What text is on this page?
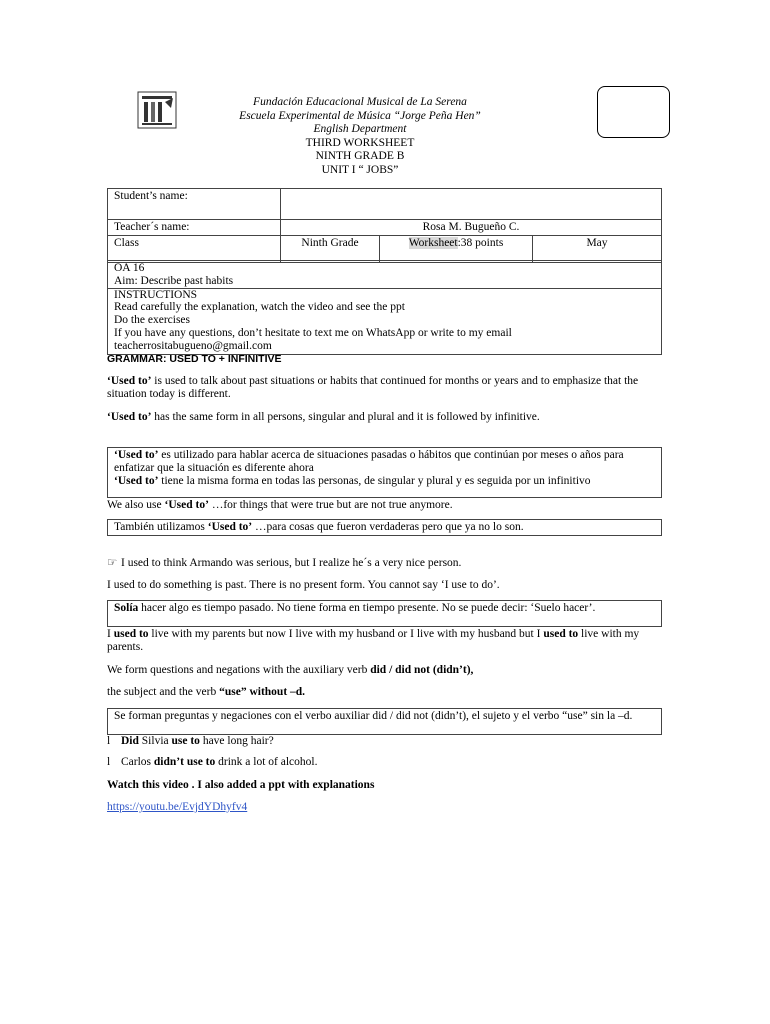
Fundación Educacional Musical de La Serena
Escuela Experimental de Música “Jorge Peña Hen”
English Department
THIRD WORKSHEET
NINTH GRADE B
UNIT I “ JOBS”
Student’s name:			
Teacher´s name:	Rosa M. Bugueño C.		
Class	Ninth Grade	Worksheet:38 points	May
OA 16
Aim: Describe past habits
INSTRUCTIONS
Read carefully the explanation, watch the video and see the ppt
Do the exercises
If you have any questions, don’t hesitate to text me on WhatsApp or write to my email
teacherrositabugueno@gmail.com
GRAMMAR: USED TO + INFINITIVE
‘Used to’ is used to talk about past situations or habits that continued for months or years and to emphasize that the situation today is different.
‘Used to’ has the same form in all persons, singular and plural and it is followed by infinitive.
‘Used to’ es utilizado para hablar acerca de situaciones pasadas o hábitos que continúan por meses o años para enfatizar que la situación es diferente ahora
‘Used to’ tiene la misma forma en todas las personas, de singular y plural y es seguida por un infinitivo
We also use ‘Used to’ …for things that were true but are not true anymore.
También utilizamos ‘Used to’ …para cosas que fueron verdaderas pero que ya no lo son.
☞ I used to think Armando was serious, but I realize he´s a very nice person.
I used to do something is past. There is no present form. You cannot say ‘I use to do’.
Solía hacer algo es tiempo pasado. No tiene forma en tiempo presente. No se puede decir: ‘Suelo hacer’.
I used to live with my parents but now I live with my husband or I live with my husband but I used to live with my parents.
We form questions and negations with the auxiliary verb did / did not (didn’t),
the subject and the verb “use” without –d.
Se forman preguntas y negaciones con el verbo auxiliar did / did not (didn’t), el sujeto y el verbo “use” sin la –d.
l Did Silvia use to have long hair?
l Carlos didn’t use to drink a lot of alcohol.
Watch this video . I also added a ppt with explanations
https://youtu.be/EvjdYDhyfv4
